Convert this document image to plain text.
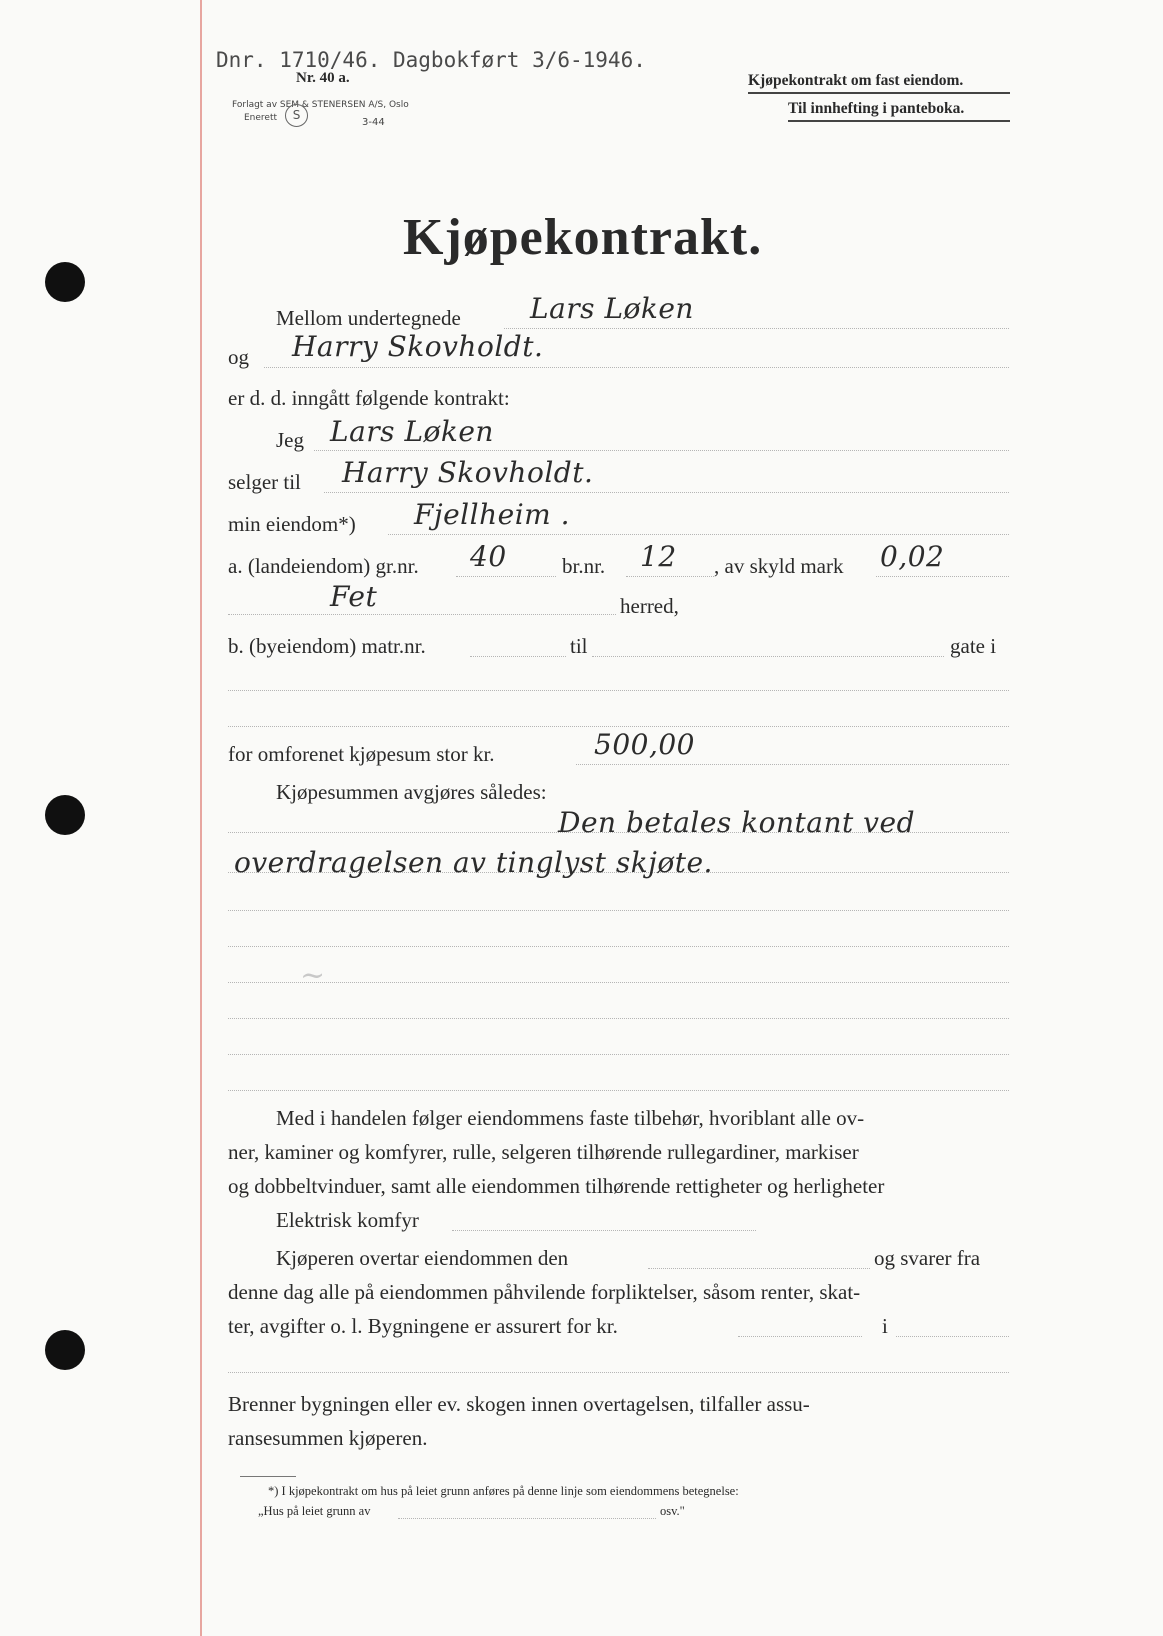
Dnr. 1710/46. Dagbokført 3/6-1946.
Nr. 40 a.
Forlagt av SEM & STENERSEN A/S, Oslo
Enerett	S
3-44
Kjøpekontrakt om fast eiendom.
Til innhefting i panteboka.
Kjøpekontrakt.
Mellom undertegnede Lars Løken
og Harry Skovholdt.
er d. d. inngått følgende kontrakt:
Jeg Lars Løken
selger til Harry Skovholdt.
min eiendom*) Fjellheim .
a. (landeiendom) gr.nr. 40	br.nr. 12 , av skyld mark 0,02
Fet	herred,
b. (byeiendom) matr.nr.	til	gate i
for omforenet kjøpesum stor kr.	500,00
Kjøpesummen avgjøres således:
Den betales kontant ved
overdragelsen av tinglyst skjøte.
~
Med i handelen følger eiendommens faste tilbehør, hvoriblant alle ov-
ner, kaminer og komfyrer, rulle, selgeren tilhørende rullegardiner, markiser
og dobbeltvinduer, samt alle eiendommen tilhørende rettigheter og herligheter
Elektrisk komfyr
Kjøperen overtar eiendommen den	og svarer fra
denne dag alle på eiendommen påhvilende forpliktelser, såsom renter, skat-
ter, avgifter o. l. Bygningene er assurert for kr.	i
Brenner bygningen eller ev. skogen innen overtagelsen, tilfaller assu-
ransesummen kjøperen.
*) I kjøpekontrakt om hus på leiet grunn anføres på denne linje som eiendommens betegnelse:
„Hus på leiet grunn av	osv."
